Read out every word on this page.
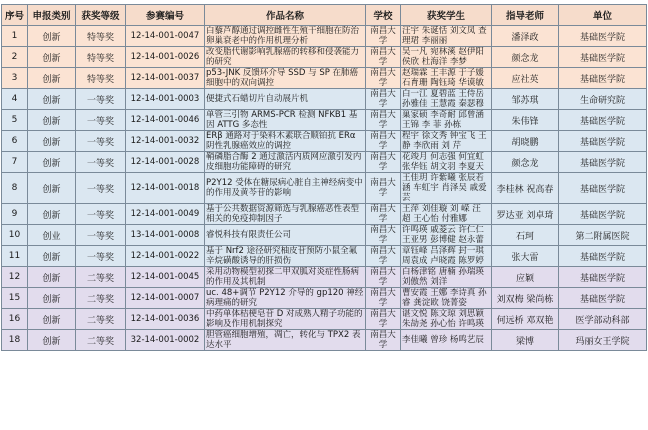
序号	申报类别	获奖等级	参赛编号	作品名称	学校	获奖学生	指导老师	单位
1	创新	特等奖	12-14-001-0047	白藜芦醇通过调控雌性生殖干细胞在防治卵巢衰老中的作用机理分析	南昌大学	汪宇 朱诞恬 刘文凤 查理珺 李丽丽	潘泽政	基础医学院
2	创新	特等奖	12-14-001-0026	改变脂代谢影响乳腺癌的转移和侵袭能力的研究	南昌大学	吴一凡 宛林溪 赵伊阳 侯欣 杜海洋 李梦	颜念龙	基础医学院
3	创新	特等奖	12-14-001-0037	p53-JNK 反馈环介导 SSD 与 SP 在肺癌细胞中的双向调控	南昌大学	赵瑞霖 王丰源 于子媛 石育珊 陶钰琦 华谟敏	应社英	基础医学院
4	创新	一等奖	12-14-001-0003	便捷式石蜡切片自动展片机	南昌大学	白一江 夏碧蓝 王侍岳 孙雅佳 王慧霞 秦瑟穆	邹苏琪	生命研究院
5	创新	一等奖	12-14-001-0046	单管三引物 ARMS-PCR 检测 NFKB1 基因 ATTG 多态性	南昌大学	巢家硕 李奇耐 邱曾涵 王锦 李 菲 孙栋	朱伟锋	基础医学院
6	创新	一等奖	12-14-001-0032	ERβ 通路对于染料木素联合顺铂抗 ERα 阴性乳腺癌效应的调控	南昌大学	程宇 徐文秀 钟宝飞 王 静 李欣雨 刘 芹	胡晓鹏	基础医学院
7	创新	一等奖	12-14-001-0028	鞘磷脂合酶 2 通过激活内质网应激引发内皮细胞功能障碍的研究	南昌大学	花竣月 何志强 何宜虹 张华钰 胡文羽 李夏天	颜念龙	基础医学院
8	创新	一等奖	12-14-001-0018	P2Y12 受体在糖尿病心脏自主神经病变中的作用及黄芩苷的影响	南昌大学	王佳玥 许紫曦 张辰若涵 车虹宇 肖泽吴 戚爱芸	李桂林 祝高春	基础医学院
9	创新	一等奖	12-14-001-0049	基于公共数据资源筛选与乳腺癌恶性表型相关的免疫抑制因子	南昌大学	王萍 刘佳璇 刘 嵘 汪 超 王心怡 付雅娜	罗达亚 刘卓琦	基础医学院
10	创业	一等奖	13-14-001-0008	睿悦科技有限责任公司	南昌大学	许鸣瑛 戚菱云 许仁仁 王亚男 彭博健 赵永蕾	石珂	第二附属医院
11	创新	一等奖	12-14-001-0022	基于 Nrf2 途径研究柚皮苷预防小鼠全氟辛烷磺酸诱导的肝损伤	南昌大学	章钰峰 吕泽辉 封一琪 周袁成 卢晓霞 陈罗婷	张大雷	基础医学院
12	创新	二等奖	12-14-001-0045	采用动物模型初探二甲双胍对炎症性肠病的作用及其机制	南昌大学	白杨津铭 唐楠 孙瑞瑛 刘傲然 刘洋	应颖	基础医学院
15	创新	二等奖	12-14-001-0007	uc. 48+调节 P2Y12 介导的 gp120 神经病理痛的研究	南昌大学	曹安霞 王娜 李诗真 孙睿 龚淀欧 饶菁姿	刘双梅 梁尚栋	基础医学院
16	创新	二等奖	12-14-001-0036	中药单体桔梗皂苷 D 对成熟人精子功能的影响及作用机制探究	南昌大学	谌文悦 陈文琼 刘思颖 朱劼尧 孙心怡 许鸣瑛	何远桥 邓双艳	医学部动科部
18	创新	二等奖	32-14-001-0002	胆管癌细胞增殖，凋亡，转化与 TPX2 表达水平	南昌大学	李佳曦 曾珍 杨鸣艺辰	梁博	玛丽女王学院
